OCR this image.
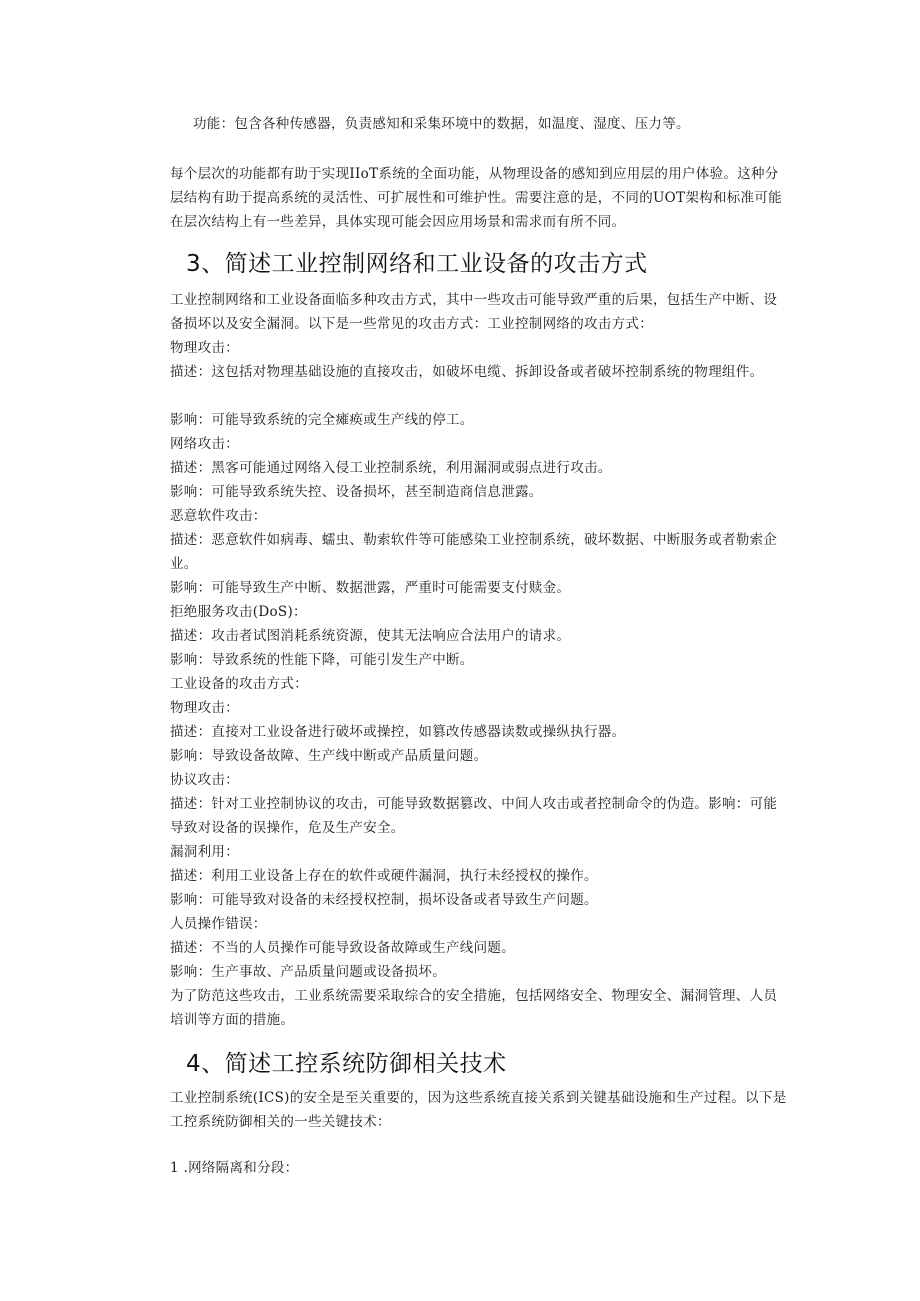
功能：包含各种传感器，负责感知和采集环境中的数据，如温度、湿度、压力等。

每个层次的功能都有助于实现IIoT系统的全面功能，从物理设备的感知到应用层的用户体验。这种分层结构有助于提高系统的灵活性、可扩展性和可维护性。需要注意的是，不同的UOT架构和标准可能在层次结构上有一些差异，具体实现可能会因应用场景和需求而有所不同。

3、简述工业控制网络和工业设备的攻击方式

工业控制网络和工业设备面临多种攻击方式，其中一些攻击可能导致严重的后果，包括生产中断、设备损坏以及安全漏洞。以下是一些常见的攻击方式：工业控制网络的攻击方式：

物理攻击：

描述：这包括对物理基础设施的直接攻击，如破坏电缆、拆卸设备或者破坏控制系统的物理组件。

影响：可能导致系统的完全瘫痪或生产线的停工。

网络攻击：

描述：黑客可能通过网络入侵工业控制系统，利用漏洞或弱点进行攻击。

影响：可能导致系统失控、设备损坏，甚至制造商信息泄露。

恶意软件攻击：

描述：恶意软件如病毒、蠕虫、勒索软件等可能感染工业控制系统，破坏数据、中断服务或者勒索企业。

影响：可能导致生产中断、数据泄露，严重时可能需要支付赎金。

拒绝服务攻击(DoS)：

描述：攻击者试图消耗系统资源，使其无法响应合法用户的请求。

影响：导致系统的性能下降，可能引发生产中断。

工业设备的攻击方式：

物理攻击：

描述：直接对工业设备进行破坏或操控，如篡改传感器读数或操纵执行器。

影响：导致设备故障、生产线中断或产品质量问题。

协议攻击：

描述：针对工业控制协议的攻击，可能导致数据篡改、中间人攻击或者控制命令的伪造。影响：可能导致对设备的误操作，危及生产安全。

漏洞利用：

描述：利用工业设备上存在的软件或硬件漏洞，执行未经授权的操作。

影响：可能导致对设备的未经授权控制，损坏设备或者导致生产问题。

人员操作错误：

描述：不当的人员操作可能导致设备故障或生产线问题。

影响：生产事故、产品质量问题或设备损坏。

为了防范这些攻击，工业系统需要采取综合的安全措施，包括网络安全、物理安全、漏洞管理、人员培训等方面的措施。

4、简述工控系统防御相关技术

工业控制系统(ICS)的安全是至关重要的，因为这些系统直接关系到关键基础设施和生产过程。以下是工控系统防御相关的一些关键技术：

1 .网络隔离和分段：
